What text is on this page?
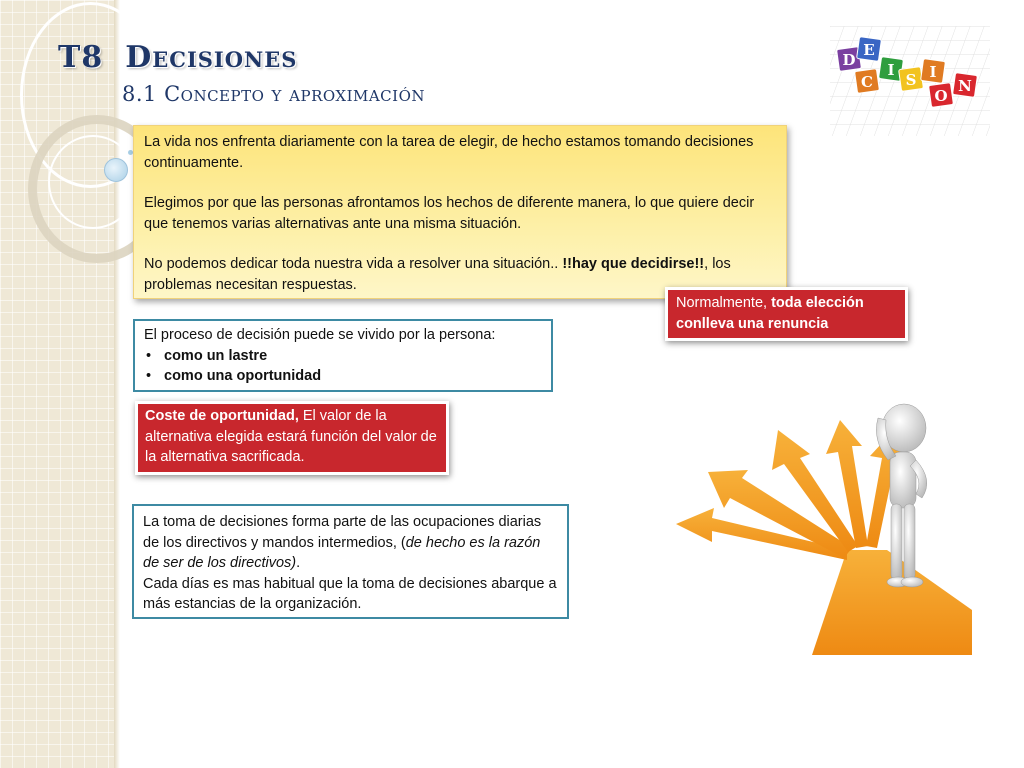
T8 Decisiones
8.1 Concepto y aproximación
D
E
C
I
S I
O
N

La vida nos enfrenta diariamente con la tarea de elegir, de hecho estamos tomando decisiones continuamente.

Elegimos por que las personas afrontamos los hechos de diferente manera, lo que quiere decir que tenemos varias alternativas ante una misma situación.

No podemos dedicar toda nuestra vida a resolver una situación.. !!hay que decidirse!!, los problemas necesitan respuestas.

Normalmente, toda elección conlleva una renuncia

El proceso de decisión puede se vivido por la persona:

• como un lastre
• como una oportunidad

Coste de oportunidad, El valor de la alternativa elegida estará función del valor de la alternativa sacrificada.

La toma de decisiones forma parte de las ocupaciones diarias de los directivos y mandos intermedios, (de hecho es la razón de ser de los directivos).

Cada días es mas habitual que la toma de decisiones abarque a más estancias de la organización.
